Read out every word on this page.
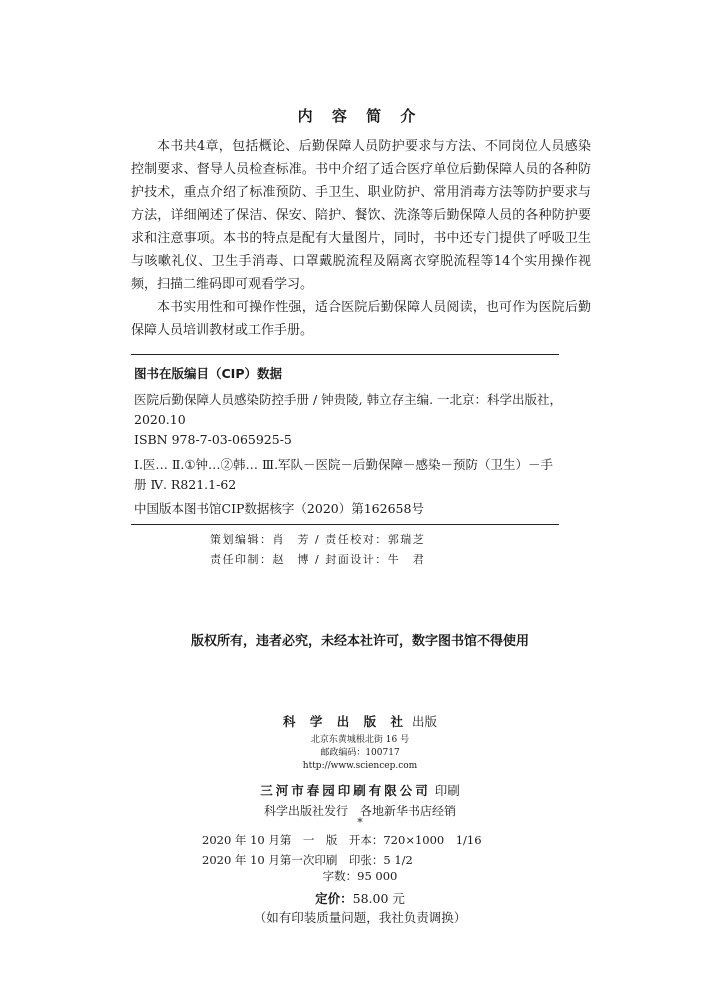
内 容 简 介

本书共4章，包括概论、后勤保障人员防护要求与方法、不同岗位人员感染控制要求、督导人员检查标准。书中介绍了适合医疗单位后勤保障人员的各种防护技术，重点介绍了标准预防、手卫生、职业防护、常用消毒方法等防护要求与方法，详细阐述了保洁、保安、陪护、餐饮、洗涤等后勤保障人员的各种防护要求和注意事项。本书的特点是配有大量图片，同时，书中还专门提供了呼吸卫生与咳嗽礼仪、卫生手消毒、口罩戴脱流程及隔离衣穿脱流程等14个实用操作视频，扫描二维码即可观看学习。

本书实用性和可操作性强，适合医院后勤保障人员阅读，也可作为医院后勤保障人员培训教材或工作手册。

图书在版编目（CIP）数据

医院后勤保障人员感染防控手册 / 钟贵陵, 韩立存主编. 一北京：科学出版社，2020.10

ISBN 978-7-03-065925-5

Ⅰ.医… Ⅱ.①钟…②韩… Ⅲ.军队－医院－后勤保障－感染－预防（卫生）－手册 Ⅳ. R821.1-62

中国版本图书馆CIP数据核字（2020）第162658号

策划编辑：肖　芳 / 责任校对：郭瑞芝
责任印制：赵　博 / 封面设计：牛　君
版权所有，违者必究，未经本社许可，数字图书馆不得使用
科 学 出 版 社 出版
北京东黄城根北街 16 号
邮政编码：100717
http://www.sciencep.com
三河市春园印刷有限公司 印刷
科学出版社发行　各地新华书店经销
*
2020 年 10 月第　一　版　开本：720×1000　1/16
2020 年 10 月第一次印刷　印张：5 1/2
字数：95 000
定价：58.00 元
（如有印装质量问题，我社负责调换）
